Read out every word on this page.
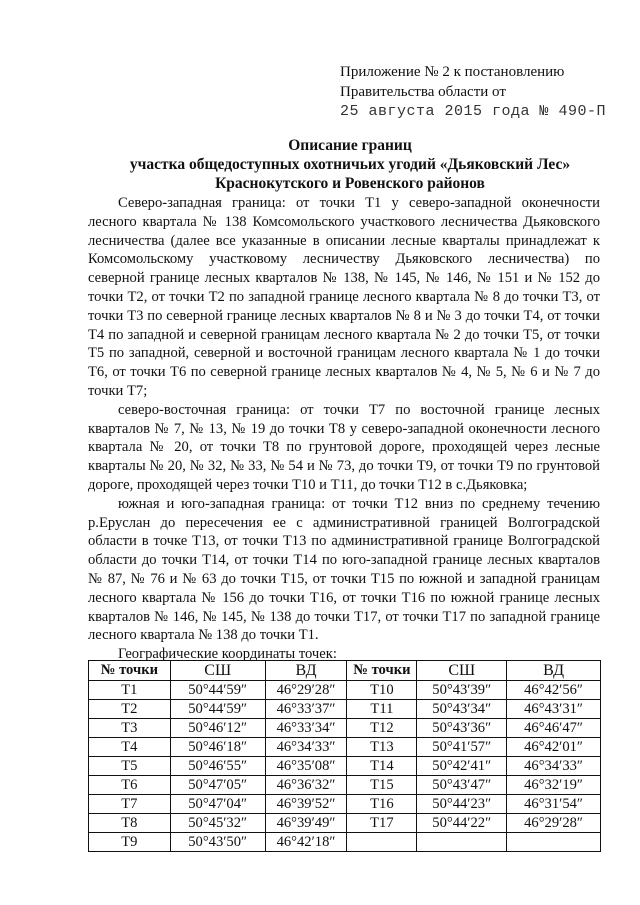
Приложение № 2 к постановлению
Правительства области от
25 августа 2015 года № 490-П
Описание границ
участка общедоступных охотничьих угодий «Дьяковский Лес»
Краснокутского и Ровенского районов

Северо-западная граница: от точки Т1 у северо-западной оконечности лесного квартала № 138 Комсомольского участкового лесничества Дьяковского лесничества (далее все указанные в описании лесные кварталы принадлежат к Комсомольскому участковому лесничеству Дьяковского лесничества) по северной границе лесных кварталов № 138, № 145, № 146, № 151 и № 152 до точки Т2, от точки Т2 по западной границе лесного квартала № 8 до точки Т3, от точки Т3 по северной границе лесных кварталов № 8 и № 3 до точки Т4, от точки Т4 по западной и северной границам лесного квартала № 2 до точки Т5, от точки Т5 по западной, северной и восточной границам лесного квартала № 1 до точки Т6, от точки Т6 по северной границе лесных кварталов № 4, № 5, № 6 и № 7 до точки Т7;

северо-восточная граница: от точки Т7 по восточной границе лесных кварталов № 7, № 13, № 19 до точки Т8 у северо-западной оконечности лесного квартала № 20, от точки Т8 по грунтовой дороге, проходящей через лесные кварталы № 20, № 32, № 33, № 54 и № 73, до точки Т9, от точки Т9 по грунтовой дороге, проходящей через точки Т10 и Т11, до точки Т12 в с.Дьяковка;

южная и юго-западная граница: от точки Т12 вниз по среднему течению р.Еруслан до пересечения ее с административной границей Волгоградской области в точке Т13, от точки Т13 по административной границе Волгоградской области до точки Т14, от точки Т14 по юго-западной границе лесных кварталов № 87, № 76 и № 63 до точки Т15, от точки Т15 по южной и западной границам лесного квартала № 156 до точки Т16, от точки Т16 по южной границе лесных кварталов № 146, № 145, № 138 до точки Т17, от точки Т17 по западной границе лесного квартала № 138 до точки Т1.

Географические координаты точек:

№ точки	СШ	ВД	№ точки	СШ	ВД
Т1	50°44′59″	46°29′28″	Т10	50°43′39″	46°42′56″
Т2	50°44′59″	46°33′37″	Т11	50°43′34″	46°43′31″
Т3	50°46′12″	46°33′34″	Т12	50°43′36″	46°46′47″
Т4	50°46′18″	46°34′33″	Т13	50°41′57″	46°42′01″
Т5	50°46′55″	46°35′08″	Т14	50°42′41″	46°34′33″
Т6	50°47′05″	46°36′32″	Т15	50°43′47″	46°32′19″
Т7	50°47′04″	46°39′52″	Т16	50°44′23″	46°31′54″
Т8	50°45′32″	46°39′49″	Т17	50°44′22″	46°29′28″
Т9	50°43′50″	46°42′18″			
